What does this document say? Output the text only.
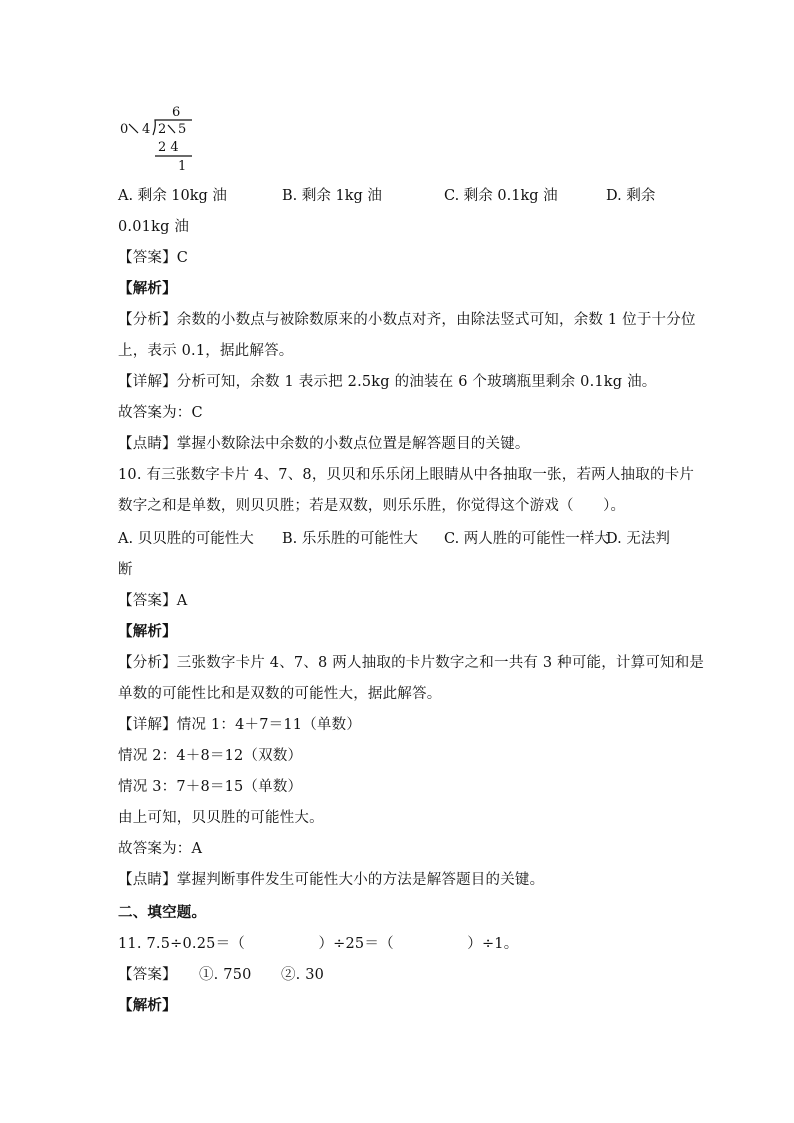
6
0 4 2 5
2 4
1
A. 剩余 10kg 油	B. 剩余 1kg 油	C. 剩余 0.1kg 油	D. 剩余
0.01kg 油
【答案】C
【解析】
【分析】余数的小数点与被除数原来的小数点对齐，由除法竖式可知，余数 1 位于十分位
上，表示 0.1，据此解答。
【详解】分析可知，余数 1 表示把 2.5kg 的油装在 6 个玻璃瓶里剩余 0.1kg 油。
故答案为：C
【点睛】掌握小数除法中余数的小数点位置是解答题目的关键。
10. 有三张数字卡片 4、7、8，贝贝和乐乐闭上眼睛从中各抽取一张，若两人抽取的卡片
数字之和是单数，则贝贝胜；若是双数，则乐乐胜，你觉得这个游戏（　　）。
A. 贝贝胜的可能性大 B. 乐乐胜的可能性大 C. 两人胜的可能性一样大
D. 无法判
断
【答案】A
【解析】
【分析】三张数字卡片 4、7、8 两人抽取的卡片数字之和一共有 3 种可能，计算可知和是
单数的可能性比和是双数的可能性大，据此解答。
【详解】情况 1：4＋7＝11（单数）
情况 2：4＋8＝12（双数）
情况 3：7＋8＝15（单数）
由上可知，贝贝胜的可能性大。
故答案为：A
【点睛】掌握判断事件发生可能性大小的方法是解答题目的关键。
二、填空题。
11. 7.5÷0.25＝（　　　　　）÷25＝（　　　　　）÷1。
【答案】　　①. 750　　②. 30
【解析】
